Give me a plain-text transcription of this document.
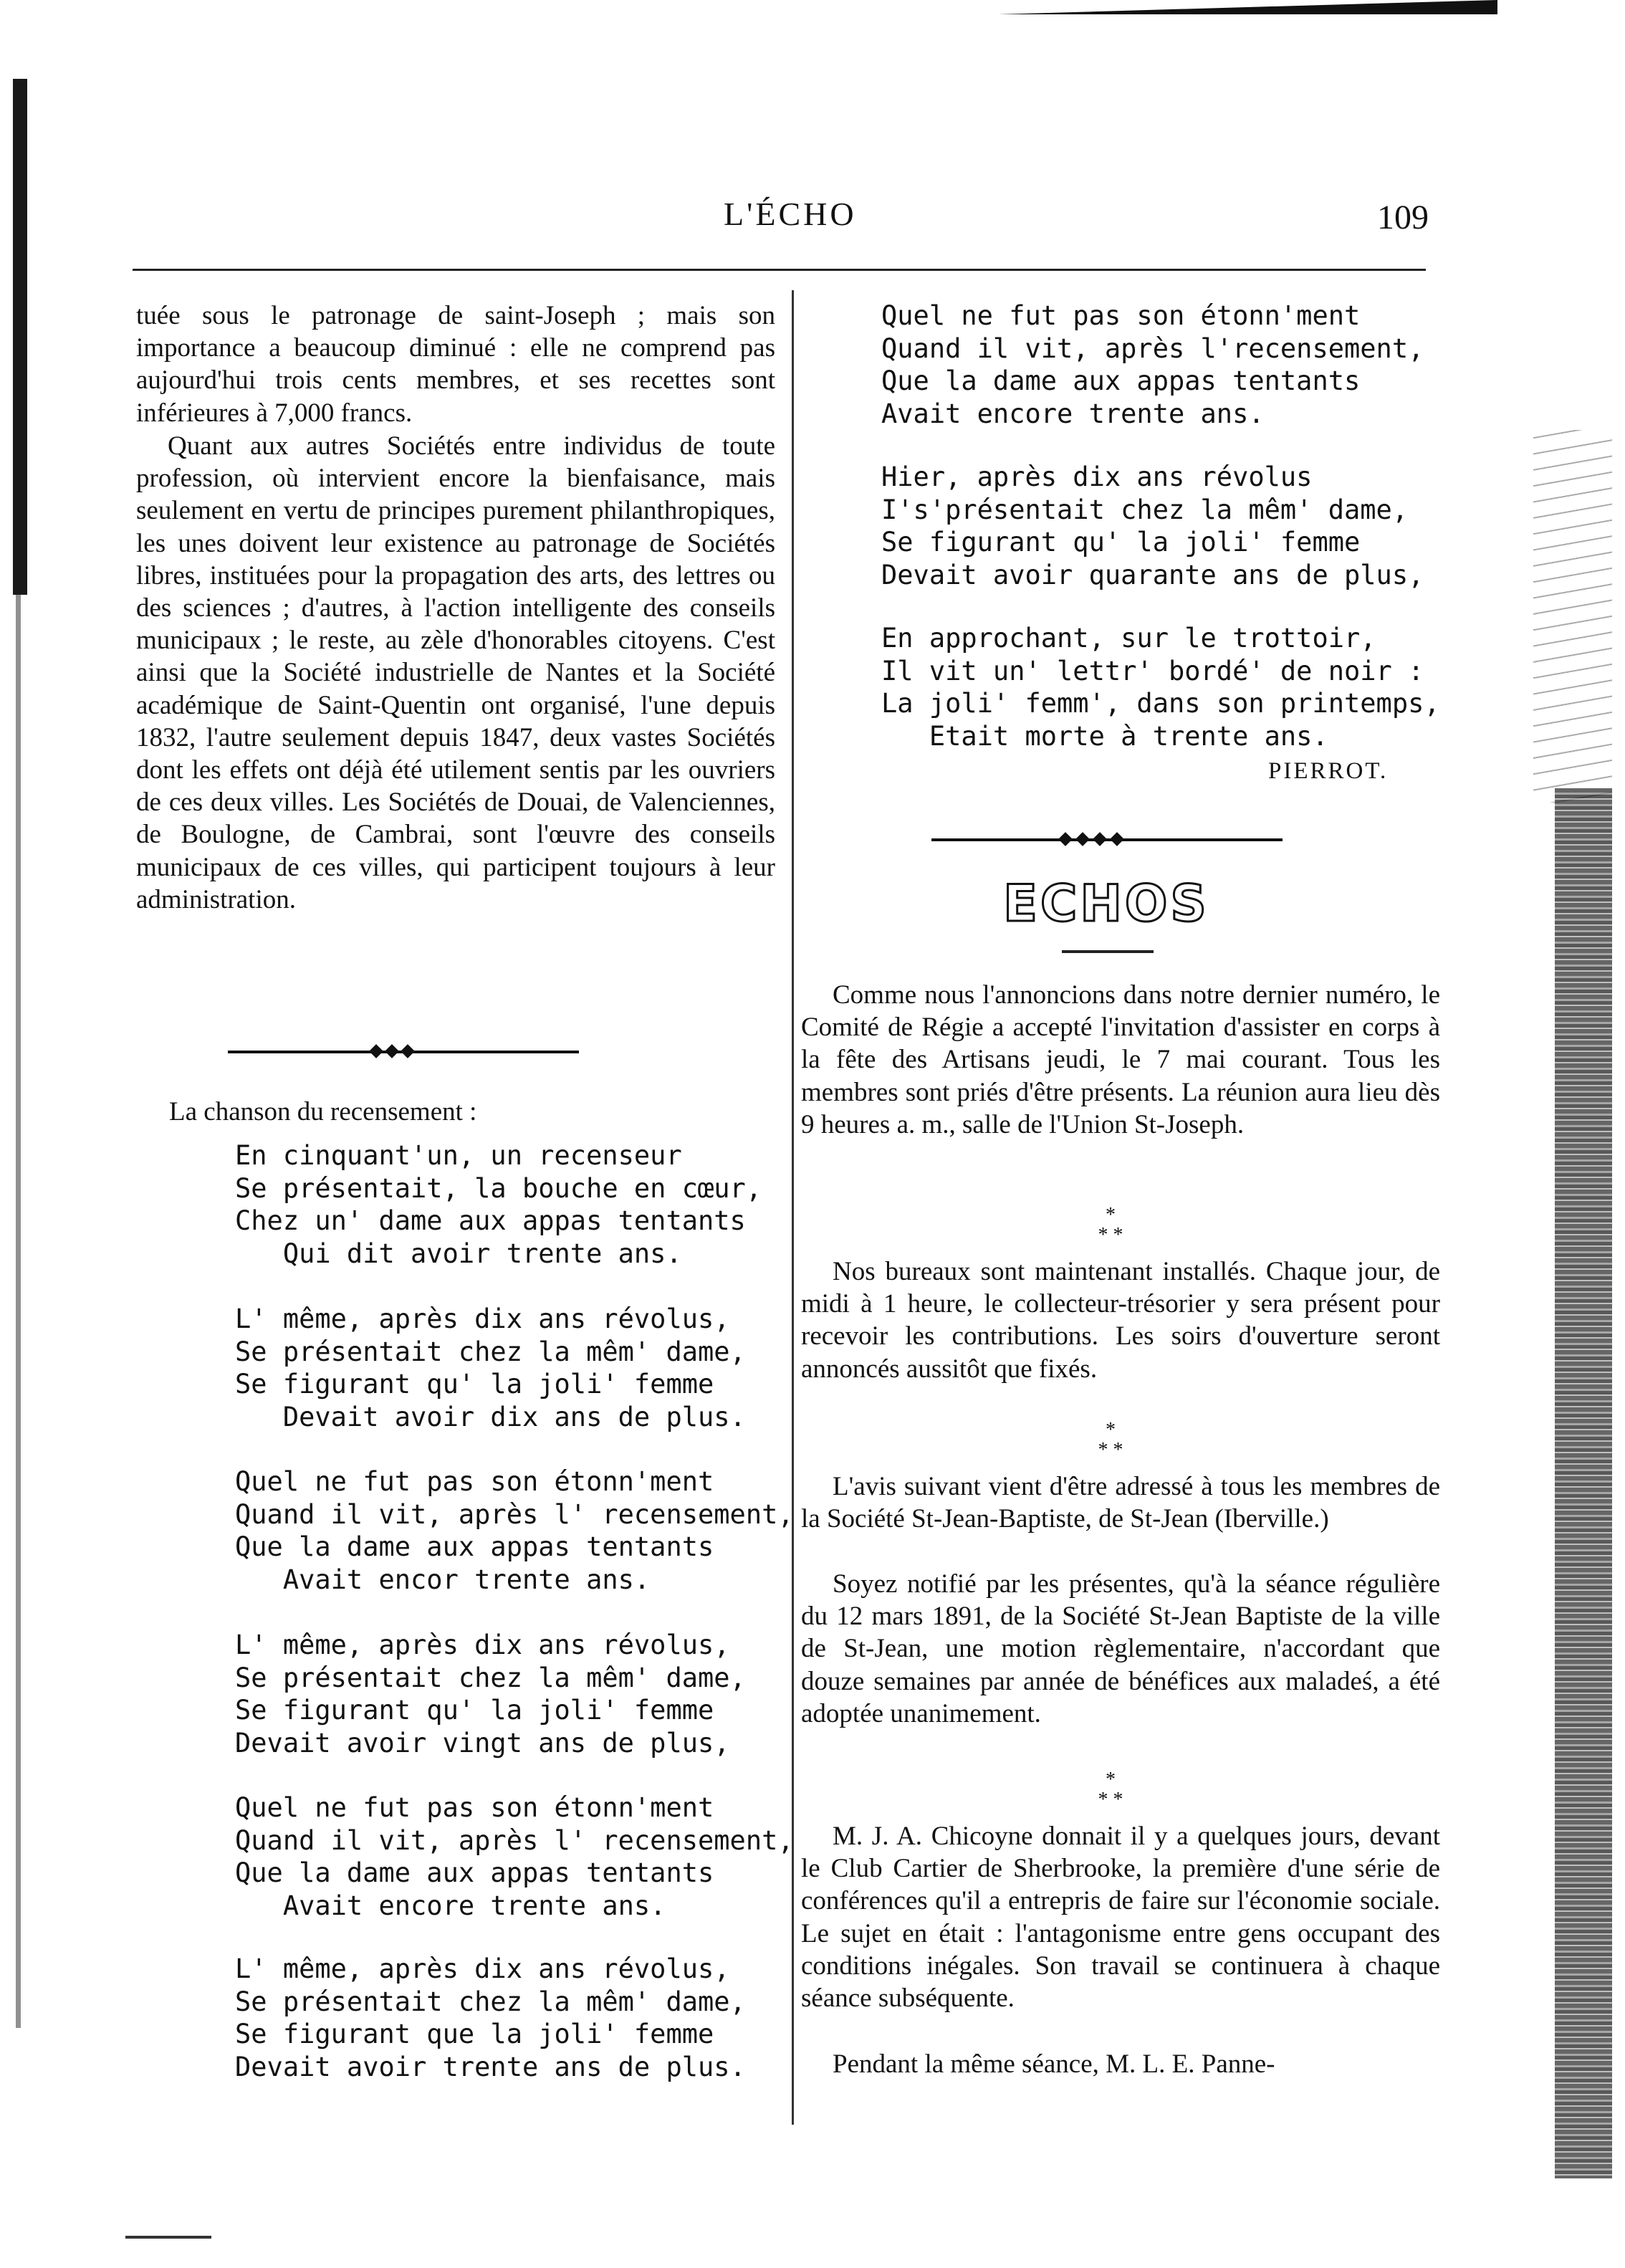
L'ÉCHO	109

tuée sous le patronage de saint-Joseph ; mais son importance a beaucoup diminué : elle ne comprend pas aujourd'hui trois cents membres, et ses recettes sont inférieures à 7,000 francs.

Quant aux autres Sociétés entre individus de toute profession, où intervient encore la bienfaisance, mais seulement en vertu de principes purement philanthropiques, les unes doivent leur existence au patronage de Sociétés libres, instituées pour la propagation des arts, des lettres ou des sciences ; d'autres, à l'action intelligente des conseils municipaux ; le reste, au zèle d'honorables citoyens. C'est ainsi que la Société industrielle de Nantes et la Société académique de Saint-Quentin ont organisé, l'une depuis 1832, l'autre seulement depuis 1847, deux vastes Sociétés dont les effets ont déjà été utilement sentis par les ouvriers de ces deux villes. Les Sociétés de Douai, de Valenciennes, de Boulogne, de Cambrai, sont l'œuvre des conseils municipaux de ces villes, qui participent toujours à leur administration.

La chanson du recensement :
En cinquant'un, un recenseur
Se présentait, la bouche en cœur,
Chez un' dame aux appas tentants
Qui dit avoir trente ans.
L' même, après dix ans révolus,
Se présentait chez la mêm' dame,
Se figurant qu' la joli' femme
Devait avoir dix ans de plus.
Quel ne fut pas son étonn'ment
Quand il vit, après l' recensement,
Que la dame aux appas tentants
Avait encor trente ans.
L' même, après dix ans révolus,
Se présentait chez la mêm' dame,
Se figurant qu' la joli' femme
Devait avoir vingt ans de plus,
Quel ne fut pas son étonn'ment
Quand il vit, après l' recensement,
Que la dame aux appas tentants
Avait encore trente ans.
L' même, après dix ans révolus,
Se présentait chez la mêm' dame,
Se figurant que la joli' femme
Devait avoir trente ans de plus.
Quel ne fut pas son étonn'ment
Quand il vit, après l'recensement,
Que la dame aux appas tentants
Avait encore trente ans.
Hier, après dix ans révolus
I's'présentait chez la mêm' dame,
Se figurant qu' la joli' femme
Devait avoir quarante ans de plus,
En approchant, sur le trottoir,
Il vit un' lettr' bordé' de noir :
La joli' femm', dans son printemps,
Etait morte à trente ans.
PIERROT.
ECHOS

Comme nous l'annoncions dans notre dernier numéro, le Comité de Régie a accepté l'invitation d'assister en corps à la fête des Artisans jeudi, le 7 mai courant. Tous les membres sont priés d'être présents. La réunion aura lieu dès 9 heures a. m., salle de l'Union St-Joseph.

*
* *

Nos bureaux sont maintenant installés. Chaque jour, de midi à 1 heure, le collecteur-trésorier y sera présent pour recevoir les contributions. Les soirs d'ouverture seront annoncés aussitôt que fixés.

*
* *

L'avis suivant vient d'être adressé à tous les membres de la Société St-Jean-Baptiste, de St-Jean (Iberville.)

Soyez notifié par les présentes, qu'à la séance régulière du 12 mars 1891, de la Société St-Jean Baptiste de la ville de St-Jean, une motion règlementaire, n'accordant que douze semaines par année de bénéfices aux maladeś, a été adoptée unanimement.

*
* *

M. J. A. Chicoyne donnait il y a quelques jours, devant le Club Cartier de Sherbrooke, la première d'une série de conférences qu'il a entrepris de faire sur l'économie sociale. Le sujet en était : l'antagonisme entre gens occupant des conditions inégales. Son travail se continuera à chaque séance subséquente.

Pendant la même séance, M. L. E. Panne-
